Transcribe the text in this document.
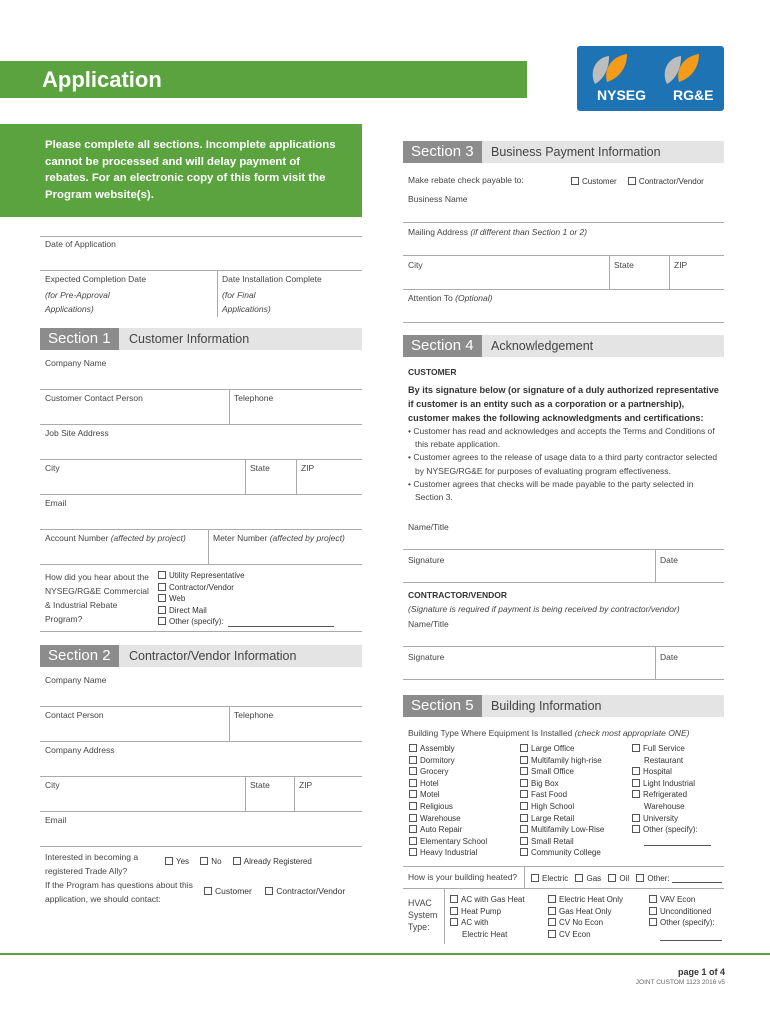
Application
NYSEG RG&E
Please complete all sections. Incomplete applications cannot be processed and will delay payment of rebates. For an electronic copy of this form visit the Program website(s).
Date of Application
Expected Completion Date
(for Pre-Approval Applications)
Date Installation Complete
(for Final Applications)
Section 1	Customer Information
Company Name
Customer Contact Person	Telephone
Job Site Address
City	State	ZIP
Email
Account Number (affected by project)	Meter Number (affected by project)
How did you hear about the NYSEG/RG&E Commercial & Industrial Rebate Program?
Utility Representative
Contractor/Vendor
Web
Direct Mail
Other (specify):
Section 2	Contractor/Vendor Information
Company Name
Contact Person	Telephone
Company Address
City	State	ZIP
Email
Interested in becoming a registered Trade Ally?
Yes	No	Already Registered
If the Program has questions about this application, we should contact:
Customer	Contractor/Vendor
Section 3	Business Payment Information
Make rebate check payable to:	Customer	Contractor/Vendor
Business Name
Mailing Address (if different than Section 1 or 2)
City	State	ZIP
Attention To (Optional)
Section 4	Acknowledgement
CUSTOMER
By its signature below (or signature of a duly authorized representative if customer is an entity such as a corporation or a partnership), customer makes the following acknowledgments and certifications:
• Customer has read and acknowledges and accepts the Terms and Conditions of this rebate application.
• Customer agrees to the release of usage data to a third party contractor selected by NYSEG/RG&E for purposes of evaluating program effectiveness.
• Customer agrees that checks will be made payable to the party selected in Section 3.
Name/Title
Signature	Date
CONTRACTOR/VENDOR
(Signature is required if payment is being received by contractor/vendor)
Name/Title
Signature	Date
Section 5	Building Information
Building Type Where Equipment Is Installed (check most appropriate ONE)
Assembly
Dormitory
Grocery
Hotel
Motel
Religious
Warehouse
Auto Repair
Elementary School
Heavy Industrial
Large Office
Multifamily high-rise
Small Office
Big Box
Fast Food
High School
Large Retail
Multifamily Low-Rise
Small Retail
Community College
Full Service
Restaurant
Hospital
Light Industrial
Refrigerated
Warehouse
University
Other (specify):
How is your building heated?	Electric Gas Oil Other:
HVAC System Type:
AC with Gas Heat
Heat Pump
AC with
Electric Heat
Electric Heat Only
Gas Heat Only
CV No Econ
CV Econ
VAV Econ
Unconditioned
Other (specify):
page 1 of 4
JOINT CUSTOM 1123 2016 v5
